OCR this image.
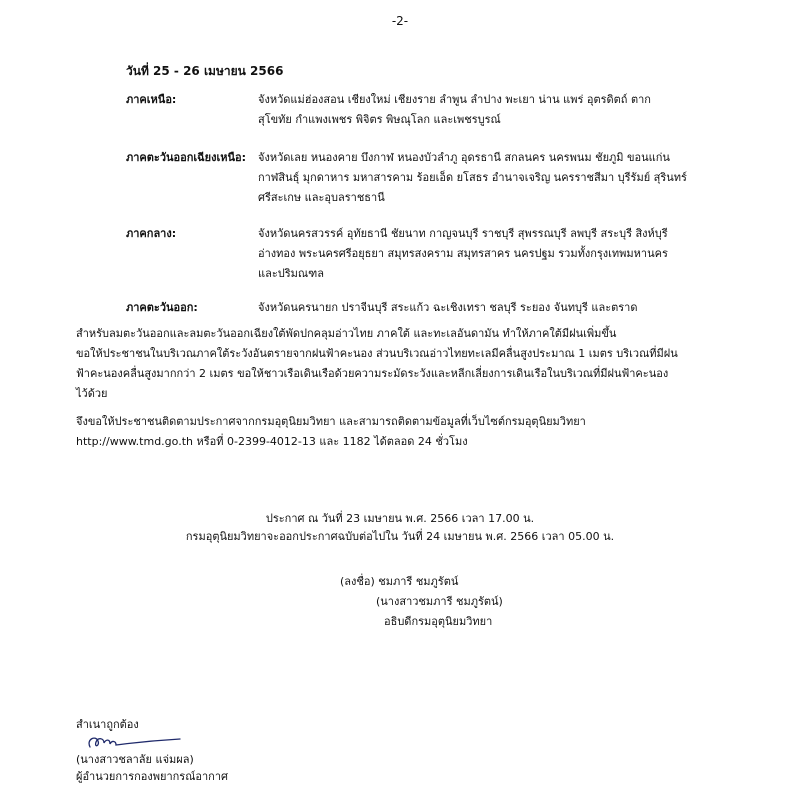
-2-
วันที่ 25 - 26 เมษายน 2566
ภาคเหนือ:	จังหวัดแม่ฮ่องสอน เชียงใหม่ เชียงราย ลำพูน ลำปาง พะเยา น่าน แพร่ อุตรดิตถ์ ตาก
สุโขทัย กำแพงเพชร พิจิตร พิษณุโลก และเพชรบูรณ์
ภาคตะวันออกเฉียงเหนือ: จังหวัดเลย หนองคาย บึงกาฬ หนองบัวลำภู อุดรธานี สกลนคร นครพนม ชัยภูมิ ขอนแก่น
กาฬสินธุ์ มุกดาหาร มหาสารคาม ร้อยเอ็ด ยโสธร อำนาจเจริญ นครราชสีมา บุรีรัมย์ สุรินทร์
ศรีสะเกษ และอุบลราชธานี
ภาคกลาง:	จังหวัดนครสวรรค์ อุทัยธานี ชัยนาท กาญจนบุรี ราชบุรี สุพรรณบุรี ลพบุรี สระบุรี สิงห์บุรี
อ่างทอง พระนครศรีอยุธยา สมุทรสงคราม สมุทรสาคร นครปฐม รวมทั้งกรุงเทพมหานคร
และปริมณฑล
ภาคตะวันออก:	จังหวัดนครนายก ปราจีนบุรี สระแก้ว ฉะเชิงเทรา ชลบุรี ระยอง จันทบุรี และตราด
สำหรับลมตะวันออกและลมตะวันออกเฉียงใต้พัดปกคลุมอ่าวไทย ภาคใต้ และทะเลอันดามัน ทำให้ภาคใต้มีฝนเพิ่มขึ้น
ขอให้ประชาชนในบริเวณภาคใต้ระวังอันตรายจากฝนฟ้าคะนอง ส่วนบริเวณอ่าวไทยทะเลมีคลื่นสูงประมาณ 1 เมตร บริเวณที่มีฝน
ฟ้าคะนองคลื่นสูงมากกว่า 2 เมตร ขอให้ชาวเรือเดินเรือด้วยความระมัดระวังและหลีกเลี่ยงการเดินเรือในบริเวณที่มีฝนฟ้าคะนอง
ไว้ด้วย
จึงขอให้ประชาชนติดตามประกาศจากกรมอุตุนิยมวิทยา และสามารถติดตามข้อมูลที่เว็บไซต์กรมอุตุนิยมวิทยา
http://www.tmd.go.th หรือที่ 0-2399-4012-13 และ 1182 ได้ตลอด 24 ชั่วโมง
ประกาศ ณ วันที่ 23 เมษายน พ.ศ. 2566 เวลา 17.00 น.
กรมอุตุนิยมวิทยาจะออกประกาศฉบับต่อไปใน วันที่ 24 เมษายน พ.ศ. 2566 เวลา 05.00 น.
(ลงชื่อ) ชมภารี ชมภูรัตน์
(นางสาวชมภารี ชมภูรัตน์)
อธิบดีกรมอุตุนิยมวิทยา
สำเนาถูกต้อง
(นางสาวชลาลัย แจ่มผล)
ผู้อำนวยการกองพยากรณ์อากาศ
